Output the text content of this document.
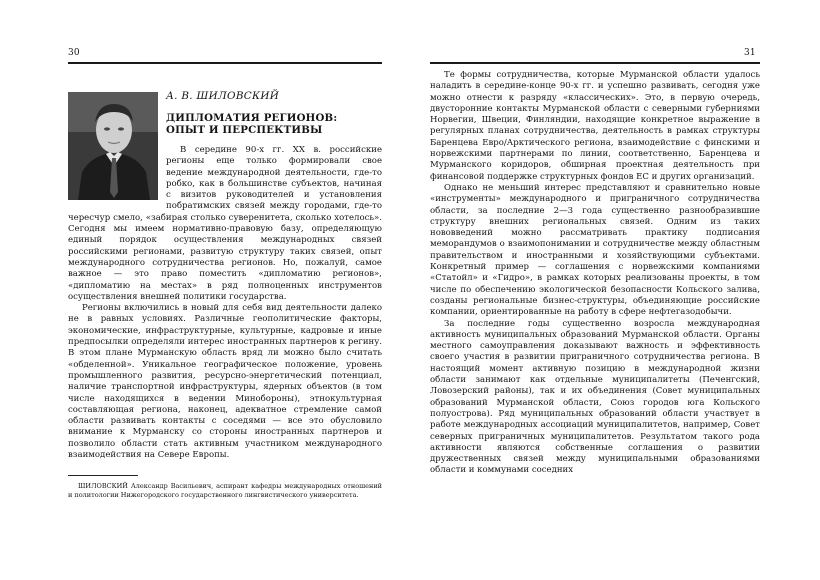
30	31
А. В. ШИЛОВСКИЙ
ДИПЛОМАТИЯ РЕГИОНОВ:
ОПЫТ И ПЕРСПЕКТИВЫ

В середине 90-х гг. XX в. российские регионы еще только формировали свое ведение международной деятельности, где-то робко, как в большинстве субъектов, начиная с визитов руководителей и установления побратимских связей между городами, где-то чересчур смело, «забирая столько суверенитета, сколько хотелось». Сегодня мы имеем нормативно-правовую базу, определяющую единый порядок осуществления международных связей российскими регионами, развитую структуру таких связей, опыт международного сотрудничества регионов. Но, пожалуй, самое важное — это право поместить «дипломатию регионов», «дипломатию на местах» в ряд полноценных инструментов осуществления внешней политики государства.

Регионы включились в новый для себя вид деятельности далеко не в равных условиях. Различные геополитические факторы, экономические, инфраструктурные, культурные, кадровые и иные предпосылки определяли интерес иностранных партнеров к регину. В этом плане Мурманскую область вряд ли можно было считать «обделенной». Уникальное географическое положение, уровень промышленного развития, ресурсно-энергетический потенциал, наличие транспортной инфраструктуры, ядерных объектов (в том числе находящихся в ведении Минобороны), этнокультурная составляющая региона, наконец, адекватное стремление самой области развивать контакты с соседями — все это обусловило внимание к Мурманску со стороны иностранных партнеров и позволило области стать активным участником международного взаимодействия на Севере Европы.

ШИЛОВСКИЙ Александр Васильевич, аспирант кафедры международных отношений и политологии Нижегородского государственного лингвистического университета.

Те формы сотрудничества, которые Мурманской области удалось наладить в середине-конце 90-х гг. и успешно развивать, сегодня уже можно отнести к разряду «классических». Это, в первую очередь, двусторонние контакты Мурманской области с северными губерниями Норвегии, Швеции, Финляндии, находящие конкретное выражение в регулярных планах сотрудничества, деятельность в рамках структуры Баренцева Евро/Арктического региона, взаимодействие с финскими и норвежскими партнерами по линии, соответственно, Баренцева и Мурманского коридоров, обширная проектная деятельность при финансовой поддержке структурных фондов ЕС и других организаций.

Однако не меньший интерес представляют и сравнительно новые «инструменты» международного и приграничного сотрудничества области, за последние 2—3 года существенно разнообразившие структуру внешних региональных связей. Одним из таких нововведений можно рассматривать практику подписания меморандумов о взаимопонимании и сотрудничестве между областным правительством и иностранными и хозяйствующими субъектами. Конкретный пример — соглашения с норвежскими компаниями «Статойл» и «Гидро», в рамках которых реализованы проекты, в том числе по обеспечению экологической безопасности Кольского залива, созданы региональные бизнес-структуры, объединяющие российские компании, ориентированные на работу в сфере нефтегазодобычи.

За последние годы существенно возросла международная активность муниципальных образований Мурманской области. Органы местного самоуправления доказывают важность и эффективность своего участия в развитии приграничного сотрудничества региона. В настоящий момент активную позицию в международной жизни области занимают как отдельные муниципалитеты (Печенгский, Ловозерский районы), так и их объединения (Совет муниципальных образований Мурманской области, Союз городов юга Кольского полуострова). Ряд муниципальных образований области участвует в работе международных ассоциаций муниципалитетов, например, Совет северных приграничных муниципалитетов. Результатом такого рода активности являются собственные соглашения о развитии дружественных связей между муниципальными образованиями области и коммунами соседних
